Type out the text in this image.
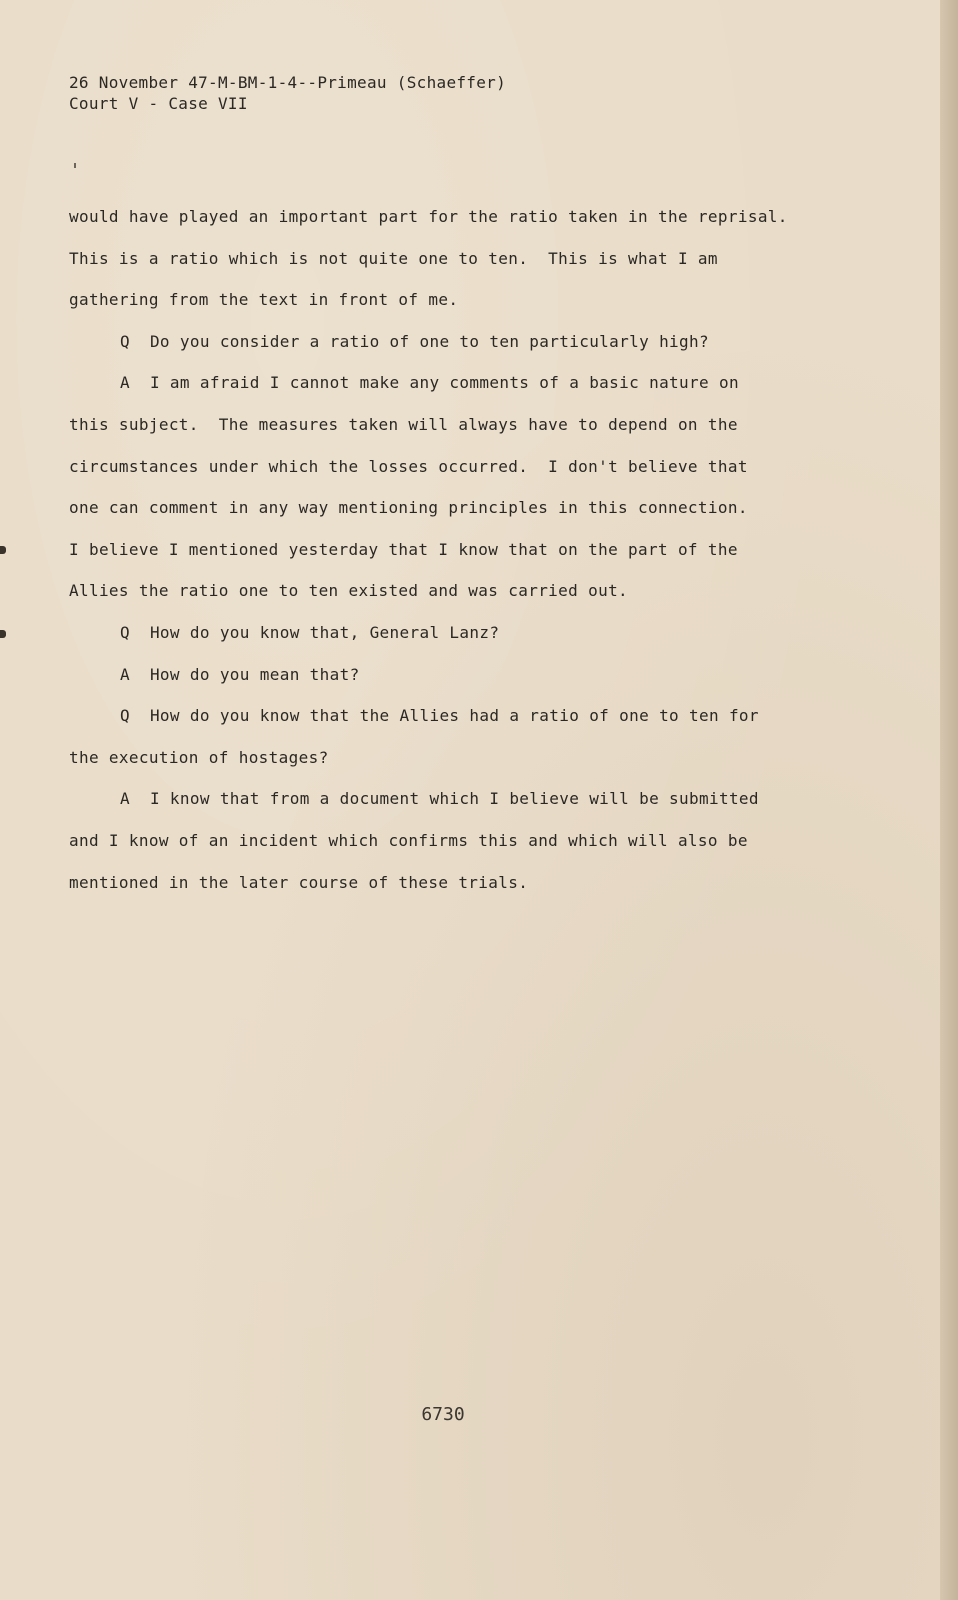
26 November 47-M-BM-1-4--Primeau (Schaeffer)
Court V - Case VII
would have played an important part for the ratio taken in the reprisal.
This is a ratio which is not quite one to ten.  This is what I am
gathering from the text in front of me.
Q  Do you consider a ratio of one to ten particularly high?
A  I am afraid I cannot make any comments of a basic nature on
this subject.  The measures taken will always have to depend on the
circumstances under which the losses occurred.  I don't believe that
one can comment in any way mentioning principles in this connection.
I believe I mentioned yesterday that I know that on the part of the
Allies the ratio one to ten existed and was carried out.
Q  How do you know that, General Lanz?
A  How do you mean that?
Q  How do you know that the Allies had a ratio of one to ten for
the execution of hostages?
A  I know that from a document which I believe will be submitted
and I know of an incident which confirms this and which will also be
mentioned in the later course of these trials.
6730
